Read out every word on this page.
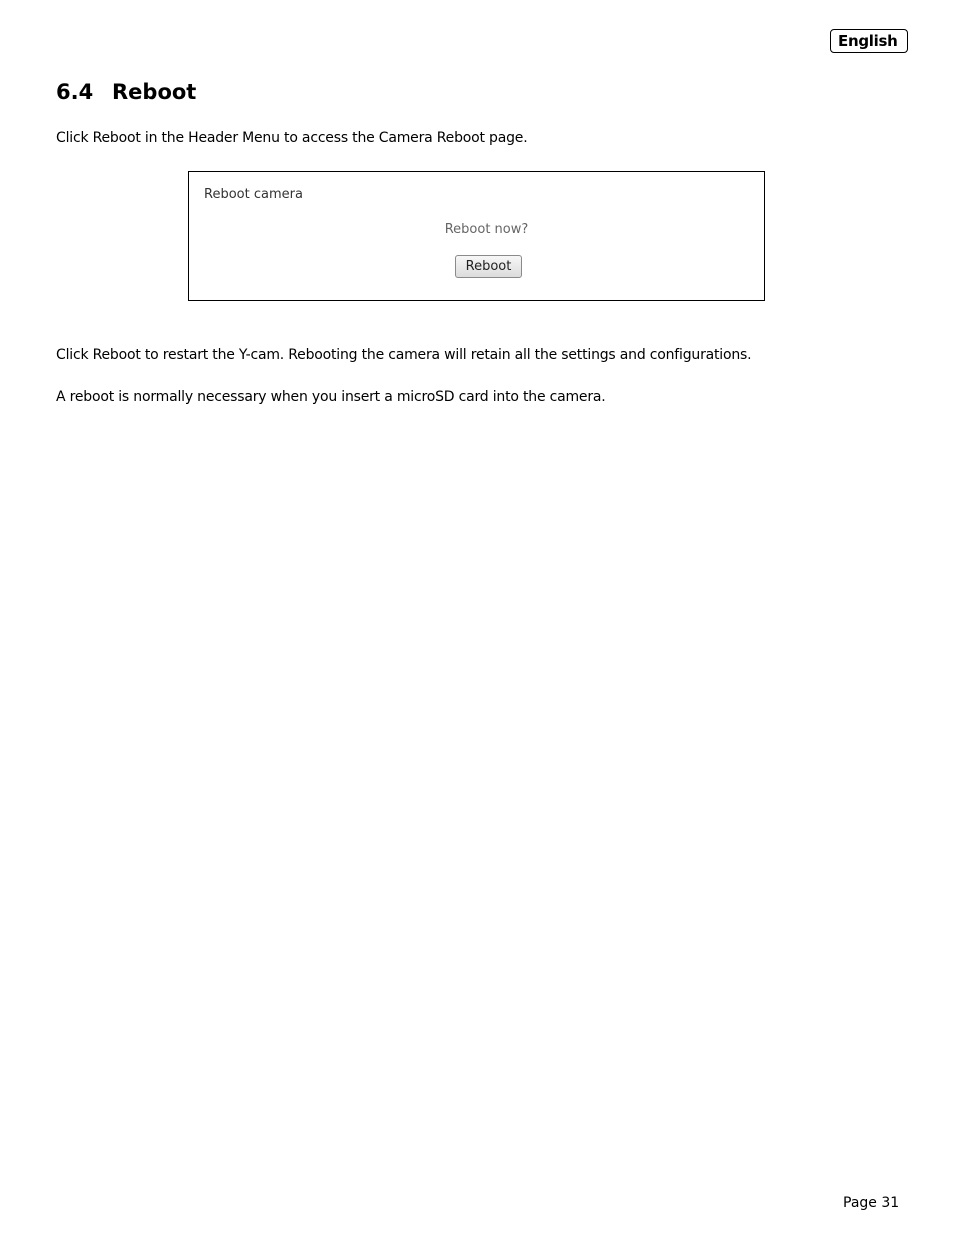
English
6.4 Reboot

Click Reboot in the Header Menu to access the Camera Reboot page.

Reboot camera
Reboot now?
Reboot

Click Reboot to restart the Y-cam. Rebooting the camera will retain all the settings and configurations.

A reboot is normally necessary when you insert a microSD card into the camera.

Page 31
